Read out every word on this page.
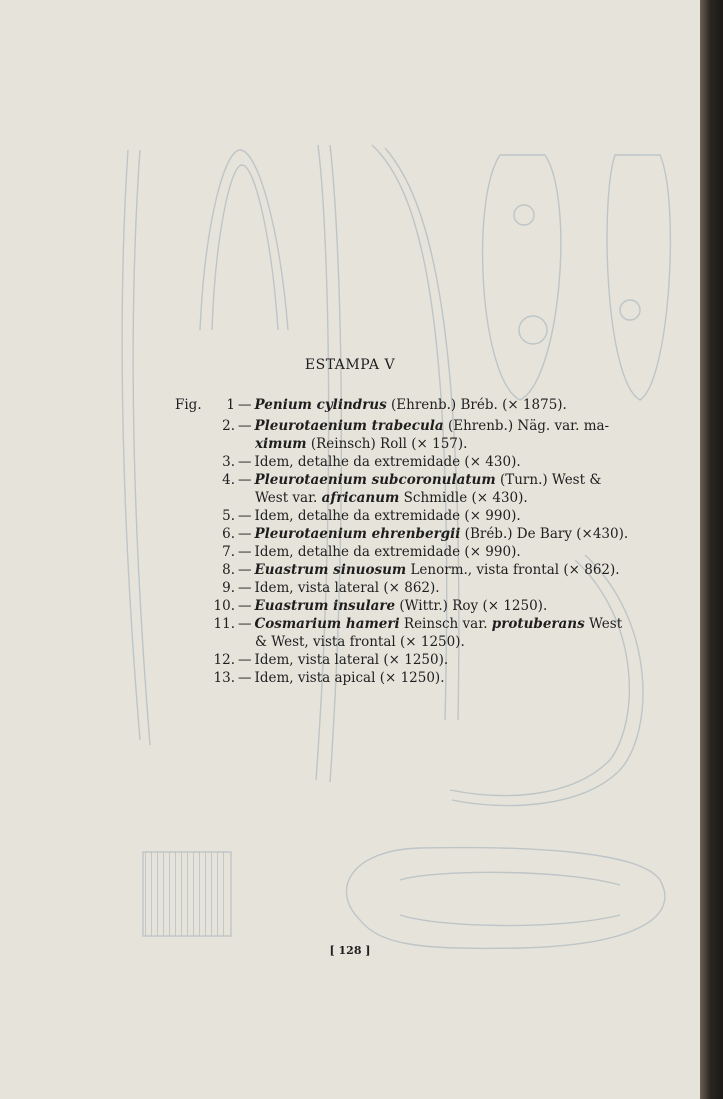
ESTAMPA V
Fig.	1 — Penium cylindrus (Ehrenb.) Bréb. (× 1875).
2. — Pleurotaenium trabecula (Ehrenb.) Näg. var. ma-
ximum (Reinsch) Roll (× 157).
3. — Idem, detalhe da extremidade (× 430).
4. — Pleurotaenium subcoronulatum (Turn.) West &
West var. africanum Schmidle (× 430).
5. — Idem, detalhe da extremidade (× 990).
6. — Pleurotaenium ehrenbergii (Bréb.) De Bary (×430).
7. — Idem, detalhe da extremidade (× 990).
8. — Euastrum sinuosum Lenorm., vista frontal (× 862).
9. — Idem, vista lateral (× 862).
10. — Euastrum insulare (Wittr.) Roy (× 1250).
11. — Cosmarium hameri Reinsch var. protuberans West
& West, vista frontal (× 1250).
12. — Idem, vista lateral (× 1250).
13. — Idem, vista apical (× 1250).
[ 128 ]
